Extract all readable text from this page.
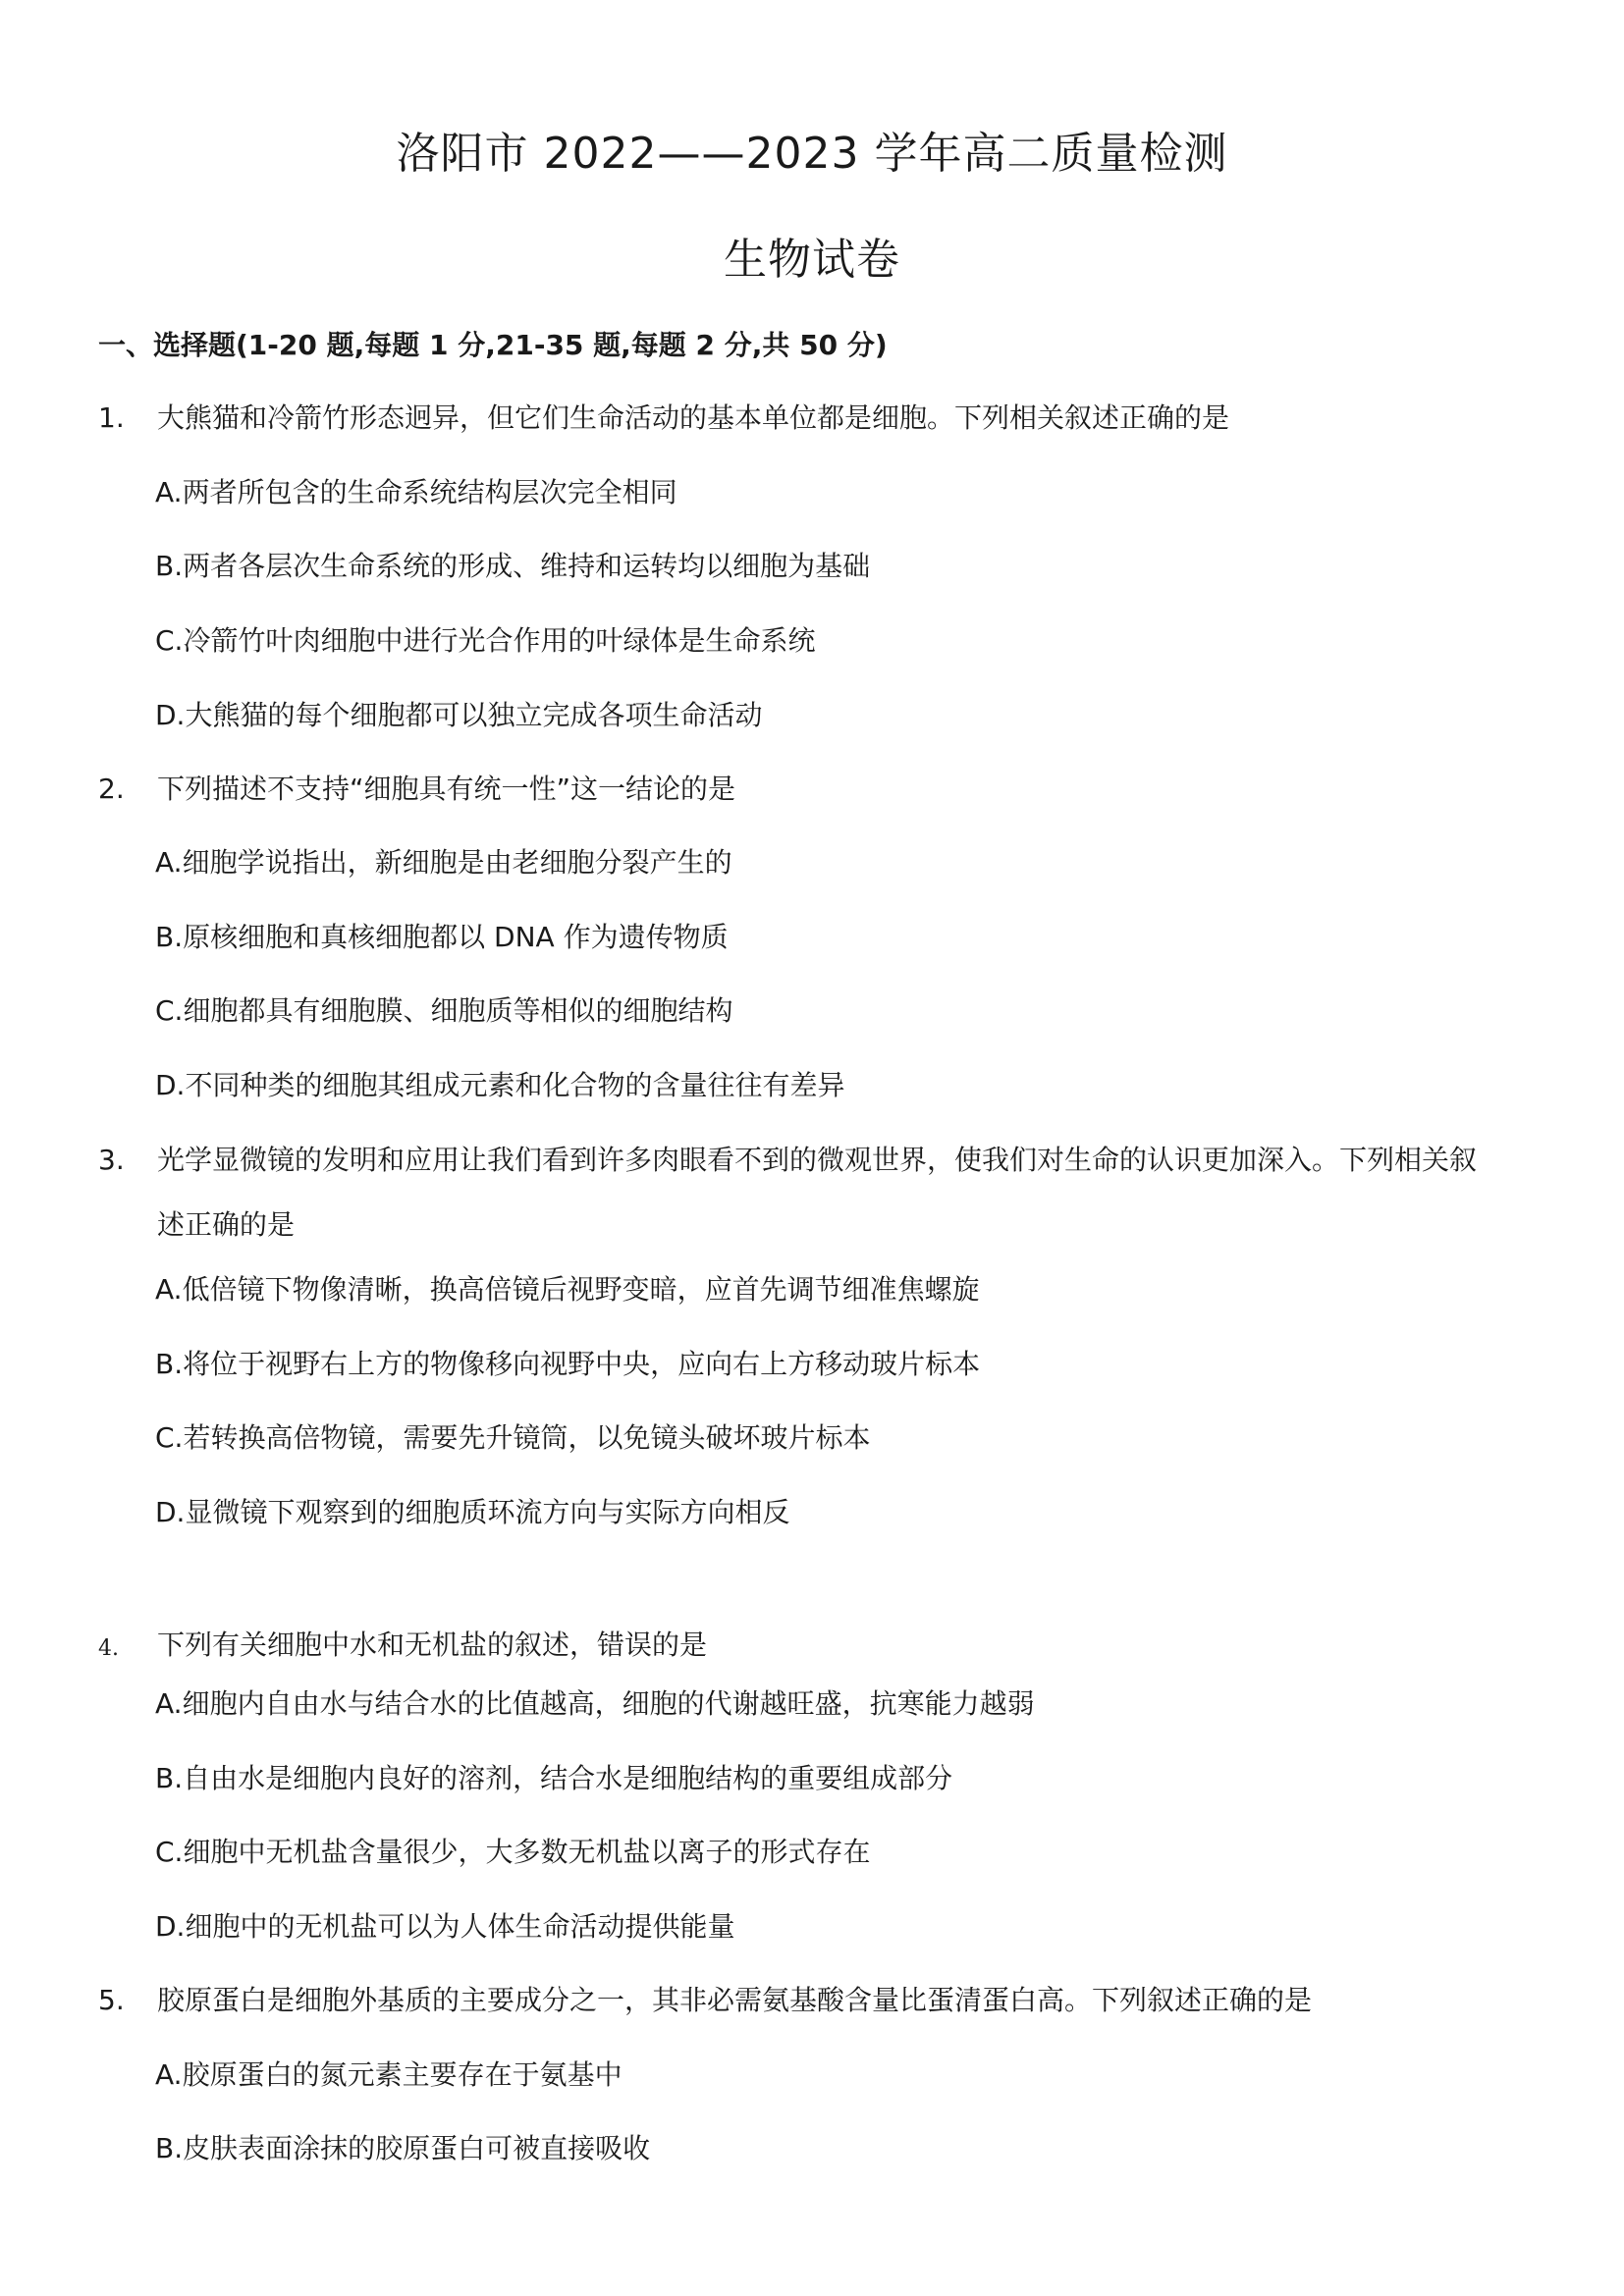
洛阳市 2022——2023 学年高二质量检测
生物试卷
一、选择题(1-20 题,每题 1 分,21-35 题,每题 2 分,共 50 分)
1. 大熊猫和冷箭竹形态迥异，但它们生命活动的基本单位都是细胞。下列相关叙述正确的是
A.两者所包含的生命系统结构层次完全相同
B.两者各层次生命系统的形成、维持和运转均以细胞为基础
C.冷箭竹叶肉细胞中进行光合作用的叶绿体是生命系统
D.大熊猫的每个细胞都可以独立完成各项生命活动
2. 下列描述不支持“细胞具有统一性”这一结论的是
A.细胞学说指出，新细胞是由老细胞分裂产生的
B.原核细胞和真核细胞都以 DNA 作为遗传物质
C.细胞都具有细胞膜、细胞质等相似的细胞结构
D.不同种类的细胞其组成元素和化合物的含量往往有差异
3. 光学显微镜的发明和应用让我们看到许多肉眼看不到的微观世界，使我们对生命的认识更加深入。下列相关叙
述正确的是
A.低倍镜下物像清晰，换高倍镜后视野变暗，应首先调节细准焦螺旋
B.将位于视野右上方的物像移向视野中央，应向右上方移动玻片标本
C.若转换高倍物镜，需要先升镜筒，以免镜头破坏玻片标本
D.显微镜下观察到的细胞质环流方向与实际方向相反
4. 下列有关细胞中水和无机盐的叙述，错误的是
A.细胞内自由水与结合水的比值越高，细胞的代谢越旺盛，抗寒能力越弱
B.自由水是细胞内良好的溶剂，结合水是细胞结构的重要组成部分
C.细胞中无机盐含量很少，大多数无机盐以离子的形式存在
D.细胞中的无机盐可以为人体生命活动提供能量
5. 胶原蛋白是细胞外基质的主要成分之一，其非必需氨基酸含量比蛋清蛋白高。下列叙述正确的是
A.胶原蛋白的氮元素主要存在于氨基中
B.皮肤表面涂抹的胶原蛋白可被直接吸收
